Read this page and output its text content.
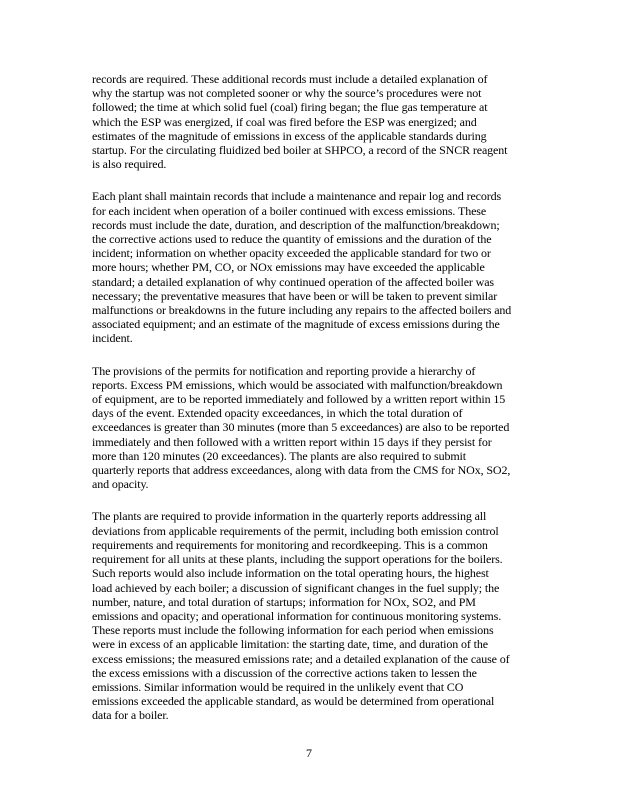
records are required. These additional records must include a detailed explanation of
why the startup was not completed sooner or why the source’s procedures were not
followed; the time at which solid fuel (coal) firing began; the flue gas temperature at
which the ESP was energized, if coal was fired before the ESP was energized; and
estimates of the magnitude of emissions in excess of the applicable standards during
startup. For the circulating fluidized bed boiler at SHPCO, a record of the SNCR reagent
is also required.

Each plant shall maintain records that include a maintenance and repair log and records
for each incident when operation of a boiler continued with excess emissions. These
records must include the date, duration, and description of the malfunction/breakdown;
the corrective actions used to reduce the quantity of emissions and the duration of the
incident; information on whether opacity exceeded the applicable standard for two or
more hours; whether PM, CO, or NOx emissions may have exceeded the applicable
standard; a detailed explanation of why continued operation of the affected boiler was
necessary; the preventative measures that have been or will be taken to prevent similar
malfunctions or breakdowns in the future including any repairs to the affected boilers and
associated equipment; and an estimate of the magnitude of excess emissions during the
incident.

The provisions of the permits for notification and reporting provide a hierarchy of
reports. Excess PM emissions, which would be associated with malfunction/breakdown
of equipment, are to be reported immediately and followed by a written report within 15
days of the event. Extended opacity exceedances, in which the total duration of
exceedances is greater than 30 minutes (more than 5 exceedances) are also to be reported
immediately and then followed with a written report within 15 days if they persist for
more than 120 minutes (20 exceedances). The plants are also required to submit
quarterly reports that address exceedances, along with data from the CMS for NOx, SO2,
and opacity.

The plants are required to provide information in the quarterly reports addressing all
deviations from applicable requirements of the permit, including both emission control
requirements and requirements for monitoring and recordkeeping. This is a common
requirement for all units at these plants, including the support operations for the boilers.
Such reports would also include information on the total operating hours, the highest
load achieved by each boiler; a discussion of significant changes in the fuel supply; the
number, nature, and total duration of startups; information for NOx, SO2, and PM
emissions and opacity; and operational information for continuous monitoring systems.
These reports must include the following information for each period when emissions
were in excess of an applicable limitation: the starting date, time, and duration of the
excess emissions; the measured emissions rate; and a detailed explanation of the cause of
the excess emissions with a discussion of the corrective actions taken to lessen the
emissions. Similar information would be required in the unlikely event that CO
emissions exceeded the applicable standard, as would be determined from operational
data for a boiler.

7
